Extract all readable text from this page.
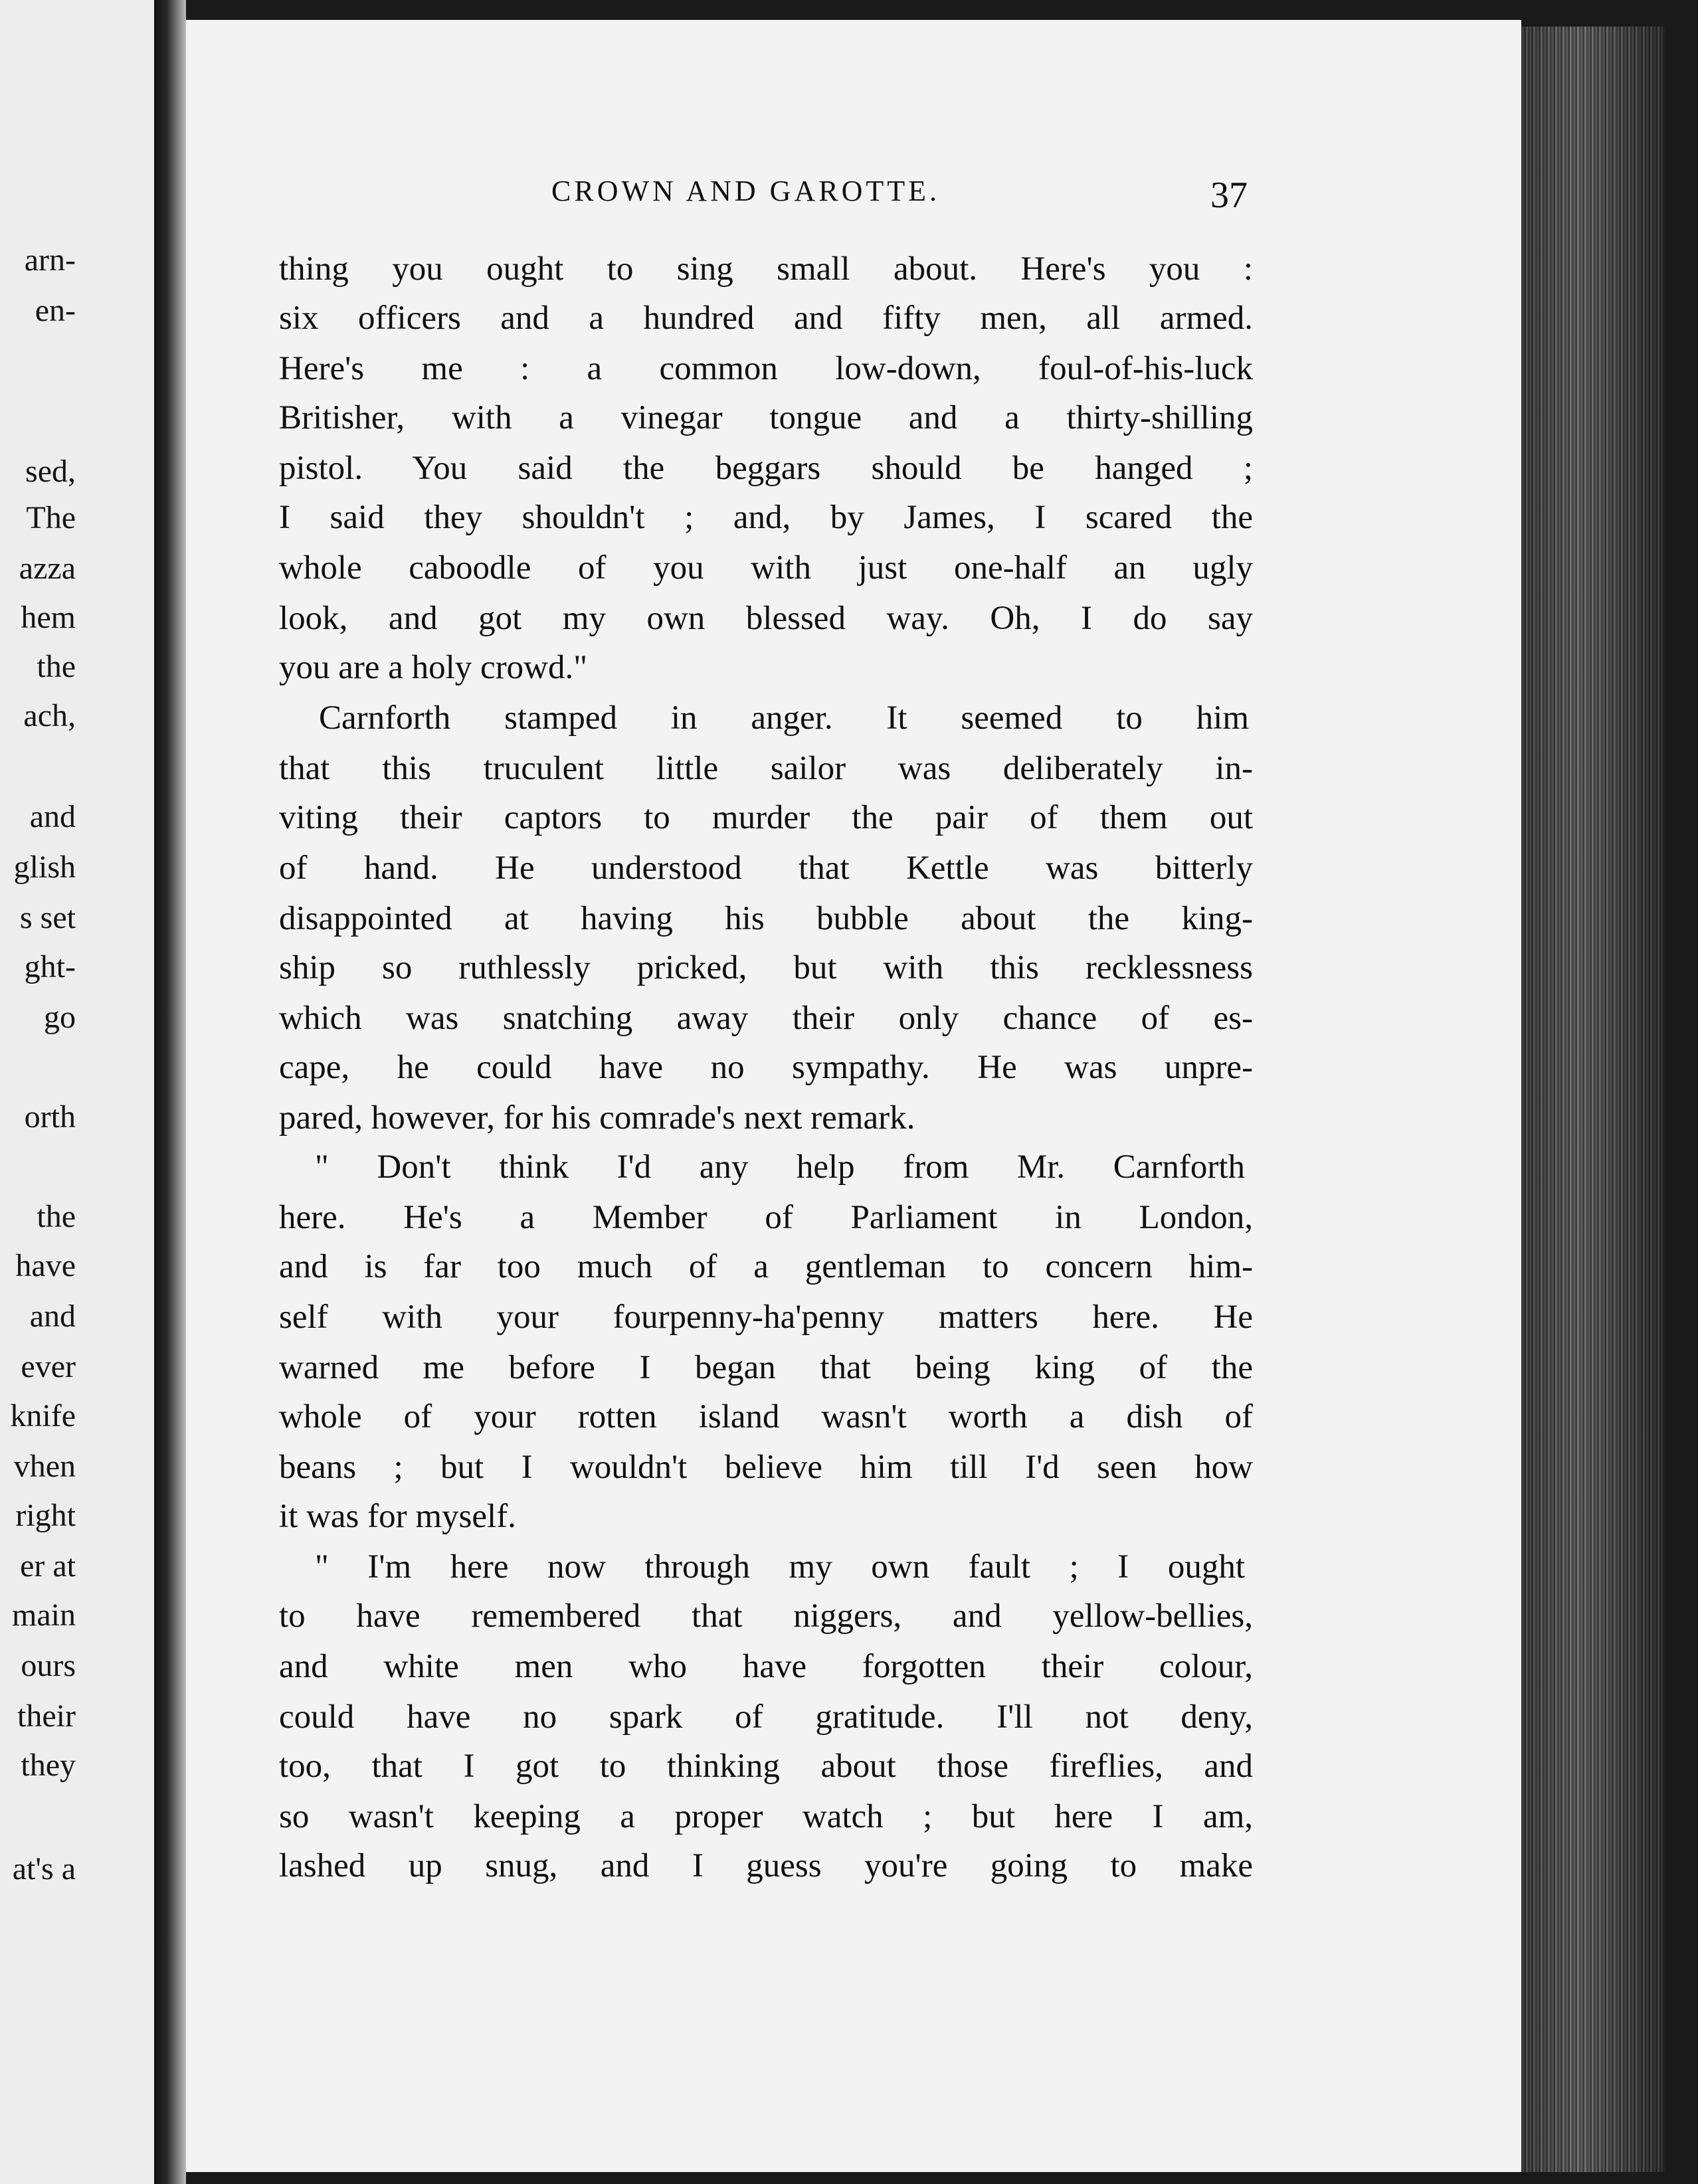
arn-
en-
sed,
The
azza
hem
the
ach,
and
glish
s set
ght-
go
orth
the
have
and
ever
knife
vhen
right
er at
main
ours
their
they
at's a
CROWN AND GAROTTE.	37
thing you ought to sing small about. Here's you :
six officers and a hundred and fifty men, all armed.
Here's me : a common low-down, foul-of-his-luck
Britisher, with a vinegar tongue and a thirty-shilling
pistol. You said the beggars should be hanged ;
I said they shouldn't ; and, by James, I scared the
whole caboodle of you with just one-half an ugly
look, and got my own blessed way. Oh, I do say
you are a holy crowd."
Carnforth stamped in anger. It seemed to him
that this truculent little sailor was deliberately in-
viting their captors to murder the pair of them out
of hand. He understood that Kettle was bitterly
disappointed at having his bubble about the king-
ship so ruthlessly pricked, but with this recklessness
which was snatching away their only chance of es-
cape, he could have no sympathy. He was unpre-
pared, however, for his comrade's next remark.
" Don't think I'd any help from Mr. Carnforth
here. He's a Member of Parliament in London,
and is far too much of a gentleman to concern him-
self with your fourpenny-ha'penny matters here. He
warned me before I began that being king of the
whole of your rotten island wasn't worth a dish of
beans ; but I wouldn't believe him till I'd seen how
it was for myself.
" I'm here now through my own fault ; I ought
to have remembered that niggers, and yellow-bellies,
and white men who have forgotten their colour,
could have no spark of gratitude. I'll not deny,
too, that I got to thinking about those fireflies, and
so wasn't keeping a proper watch ; but here I am,
lashed up snug, and I guess you're going to make
